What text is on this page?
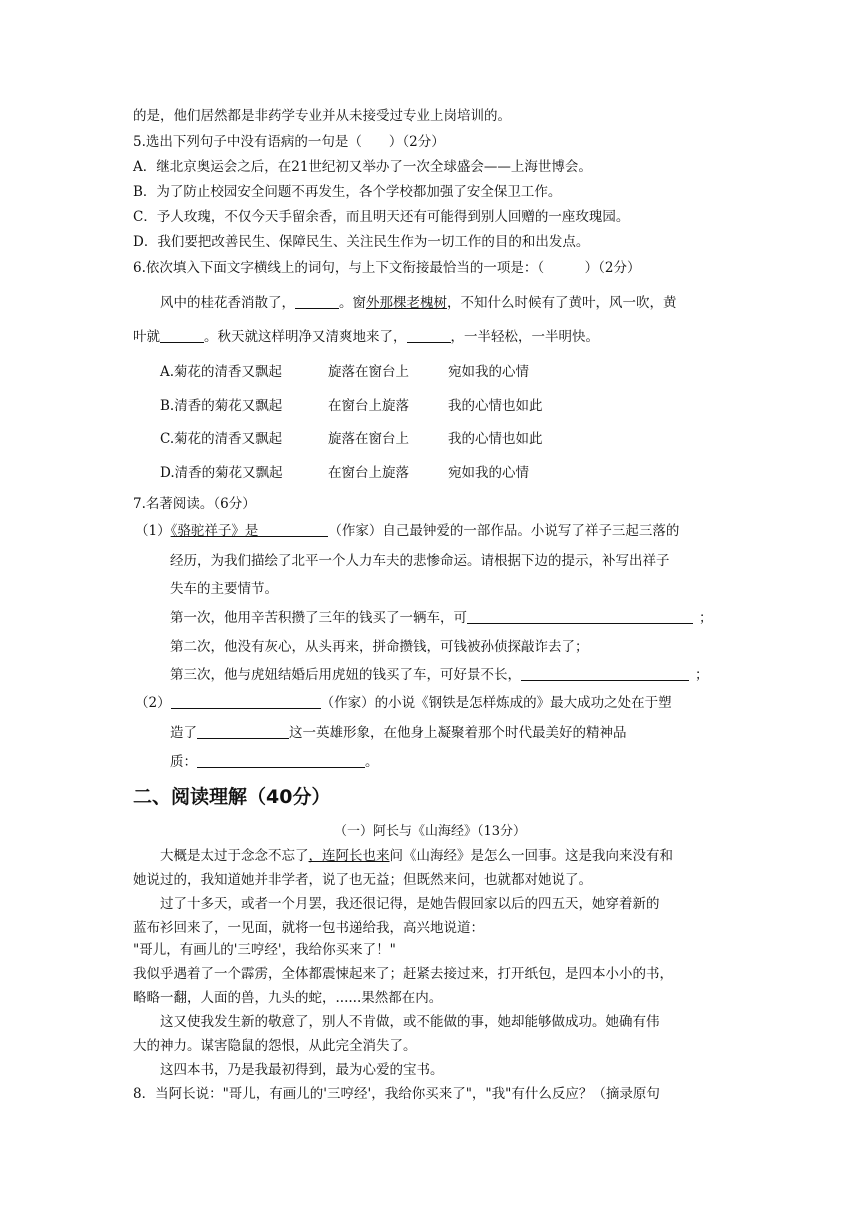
的是，他们居然都是非药学专业并从未接受过专业上岗培训的。
5.选出下列句子中没有语病的一句是（　　）（2分）
A．继北京奥运会之后，在21世纪初又举办了一次全球盛会——上海世博会。
B．为了防止校园安全问题不再发生，各个学校都加强了安全保卫工作。
C．予人玫瑰，不仅今天手留余香，而且明天还有可能得到别人回赠的一座玫瑰园。
D．我们要把改善民生、保障民生、关注民生作为一切工作的目的和出发点。
6.依次填入下面文字横线上的词句，与上下文衔接最恰当的一项是：（　　　）（2分）
风中的桂花香消散了，	。窗外那棵老槐树，不知什么时候有了黄叶，风一吹，黄
叶就	。秋天就这样明净又清爽地来了，	，一半轻松，一半明快。
A.菊花的清香又飘起	旋落在窗台上	宛如我的心情
B.清香的菊花又飘起	在窗台上旋落	我的心情也如此
C.菊花的清香又飘起	旋落在窗台上	我的心情也如此
D.清香的菊花又飘起	在窗台上旋落	宛如我的心情
7.名著阅读。（6分）
（1）《骆驼祥子》是	（作家）自己最钟爱的一部作品。小说写了祥子三起三落的
经历，为我们描绘了北平一个人力车夫的悲惨命运。请根据下边的提示，补写出祥子
失车的主要情节。
第一次，他用辛苦积攒了三年的钱买了一辆车，可	；
第二次，他没有灰心，从头再来，拼命攒钱，可钱被孙侦探敲诈去了；
第三次，他与虎妞结婚后用虎妞的钱买了车，可好景不长，	；
（2）	（作家）的小说《钢铁是怎样炼成的》最大成功之处在于塑
造了	这一英雄形象，在他身上凝聚着那个时代最美好的精神品
质：	。
二、阅读理解（40分）
（一）阿长与《山海经》（13分）
大概是太过于念念不忘了，连阿长也来问《山海经》是怎么一回事。这是我向来没有和
她说过的，我知道她并非学者，说了也无益；但既然来问，也就都对她说了。
过了十多天，或者一个月罢，我还很记得，是她告假回家以后的四五天，她穿着新的
蓝布衫回来了，一见面，就将一包书递给我，高兴地说道：
"哥儿，有画儿的'三哼经'，我给你买来了！"
我似乎遇着了一个霹雳，全体都震悚起来了；赶紧去接过来，打开纸包，是四本小小的书，
略略一翻，人面的兽，九头的蛇，......果然都在内。
这又使我发生新的敬意了，别人不肯做，或不能做的事，她却能够做成功。她确有伟
大的神力。谋害隐鼠的怨恨，从此完全消失了。
这四本书，乃是我最初得到，最为心爱的宝书。
8．当阿长说："哥儿，有画儿的'三哼经'，我给你买来了"，"我"有什么反应？（摘录原句
